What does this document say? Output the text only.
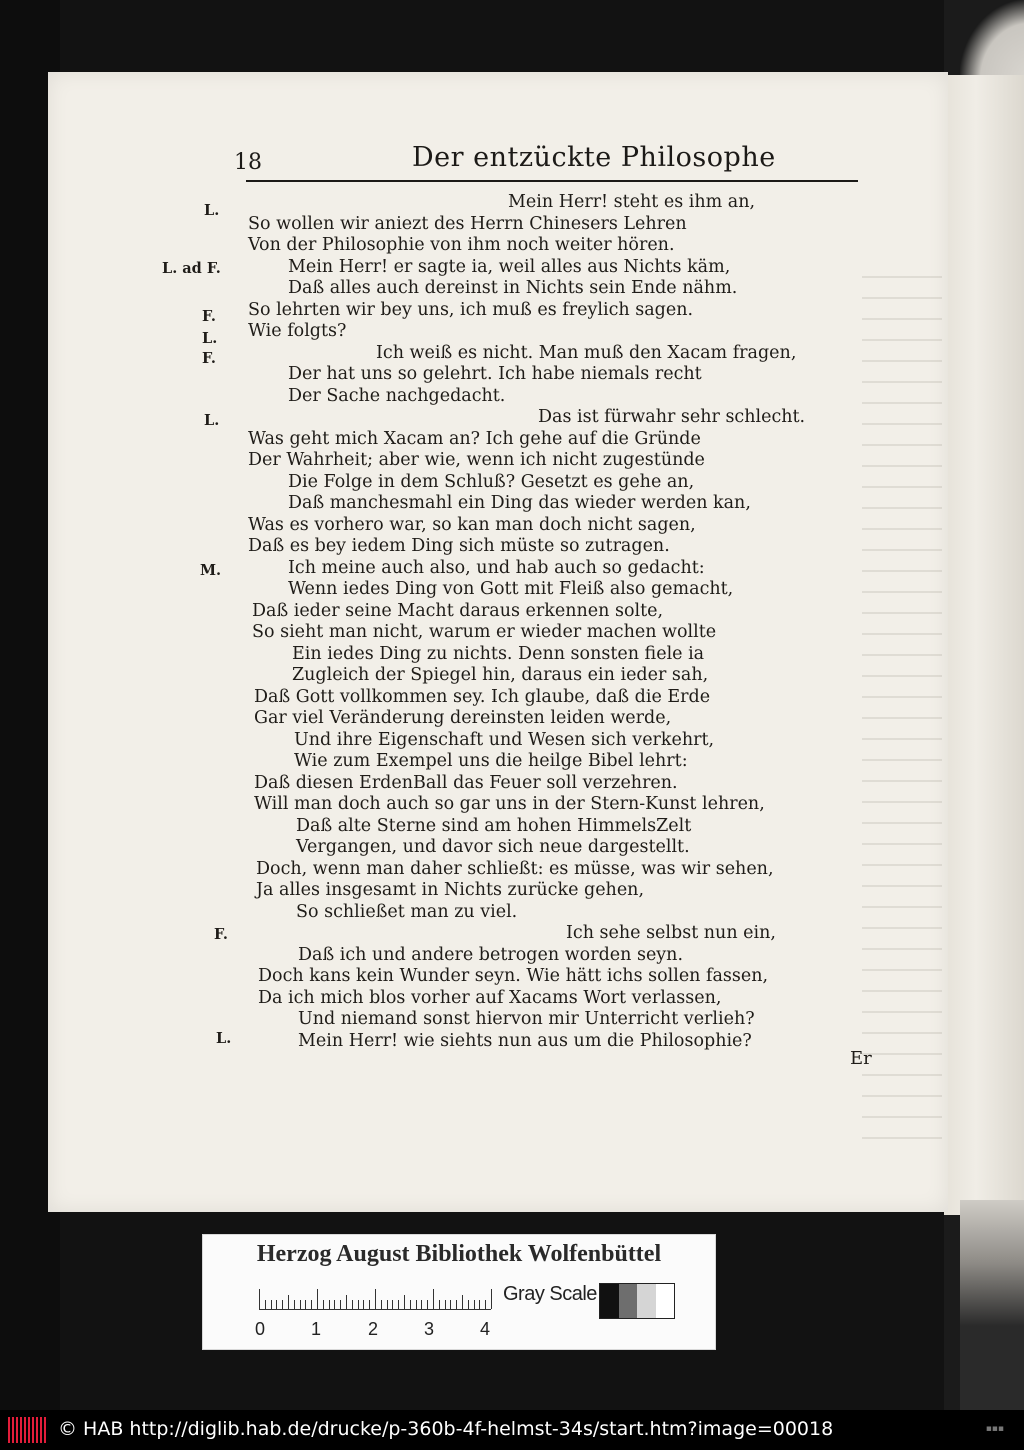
18	Der entzückte Philosophe
L.
L. ad F.
F.
L.
F.
L.
M.
F.
L.
Mein Herr! steht es ihm an,
So wollen wir aniezt des Herrn Chinesers Lehren
Von der Philosophie von ihm noch weiter hören.
Mein Herr! er sagte ia, weil alles aus Nichts käm,
Daß alles auch dereinst in Nichts sein Ende nähm.
So lehrten wir bey uns, ich muß es freylich sagen.
Wie folgts?
Ich weiß es nicht. Man muß den Xacam fragen,
Der hat uns so gelehrt. Ich habe niemals recht
Der Sache nachgedacht.
Das ist fürwahr sehr schlecht.
Was geht mich Xacam an? Ich gehe auf die Gründe
Der Wahrheit; aber wie, wenn ich nicht zugestünde
Die Folge in dem Schluß? Gesetzt es gehe an,
Daß manchesmahl ein Ding das wieder werden kan,
Was es vorhero war, so kan man doch nicht sagen,
Daß es bey iedem Ding sich müste so zutragen.
Ich meine auch also, und hab auch so gedacht:
Wenn iedes Ding von Gott mit Fleiß also gemacht,
Daß ieder seine Macht daraus erkennen solte,
So sieht man nicht, warum er wieder machen wollte
Ein iedes Ding zu nichts. Denn sonsten fiele ia
Zugleich der Spiegel hin, daraus ein ieder sah,
Daß Gott vollkommen sey. Ich glaube, daß die Erde
Gar viel Veränderung dereinsten leiden werde,
Und ihre Eigenschaft und Wesen sich verkehrt,
Wie zum Exempel uns die heilge Bibel lehrt:
Daß diesen ErdenBall das Feuer soll verzehren.
Will man doch auch so gar uns in der Stern-Kunst lehren,
Daß alte Sterne sind am hohen HimmelsZelt
Vergangen, und davor sich neue dargestellt.
Doch, wenn man daher schließt: es müsse, was wir sehen,
Ja alles insgesamt in Nichts zurücke gehen,
So schließet man zu viel.
Ich sehe selbst nun ein,
Daß ich und andere betrogen worden seyn.
Doch kans kein Wunder seyn. Wie hätt ichs sollen fassen,
Da ich mich blos vorher auf Xacams Wort verlassen,
Und niemand sonst hiervon mir Unterricht verlieh?
Mein Herr! wie siehts nun aus um die Philosophie?
Er
Herzog August Bibliothek Wolfenbüttel
0	1	2	3	4
Gray Scale
© HAB http://diglib.hab.de/drucke/p-360b-4f-helmst-34s/start.htm?image=00018	▪▪▪
